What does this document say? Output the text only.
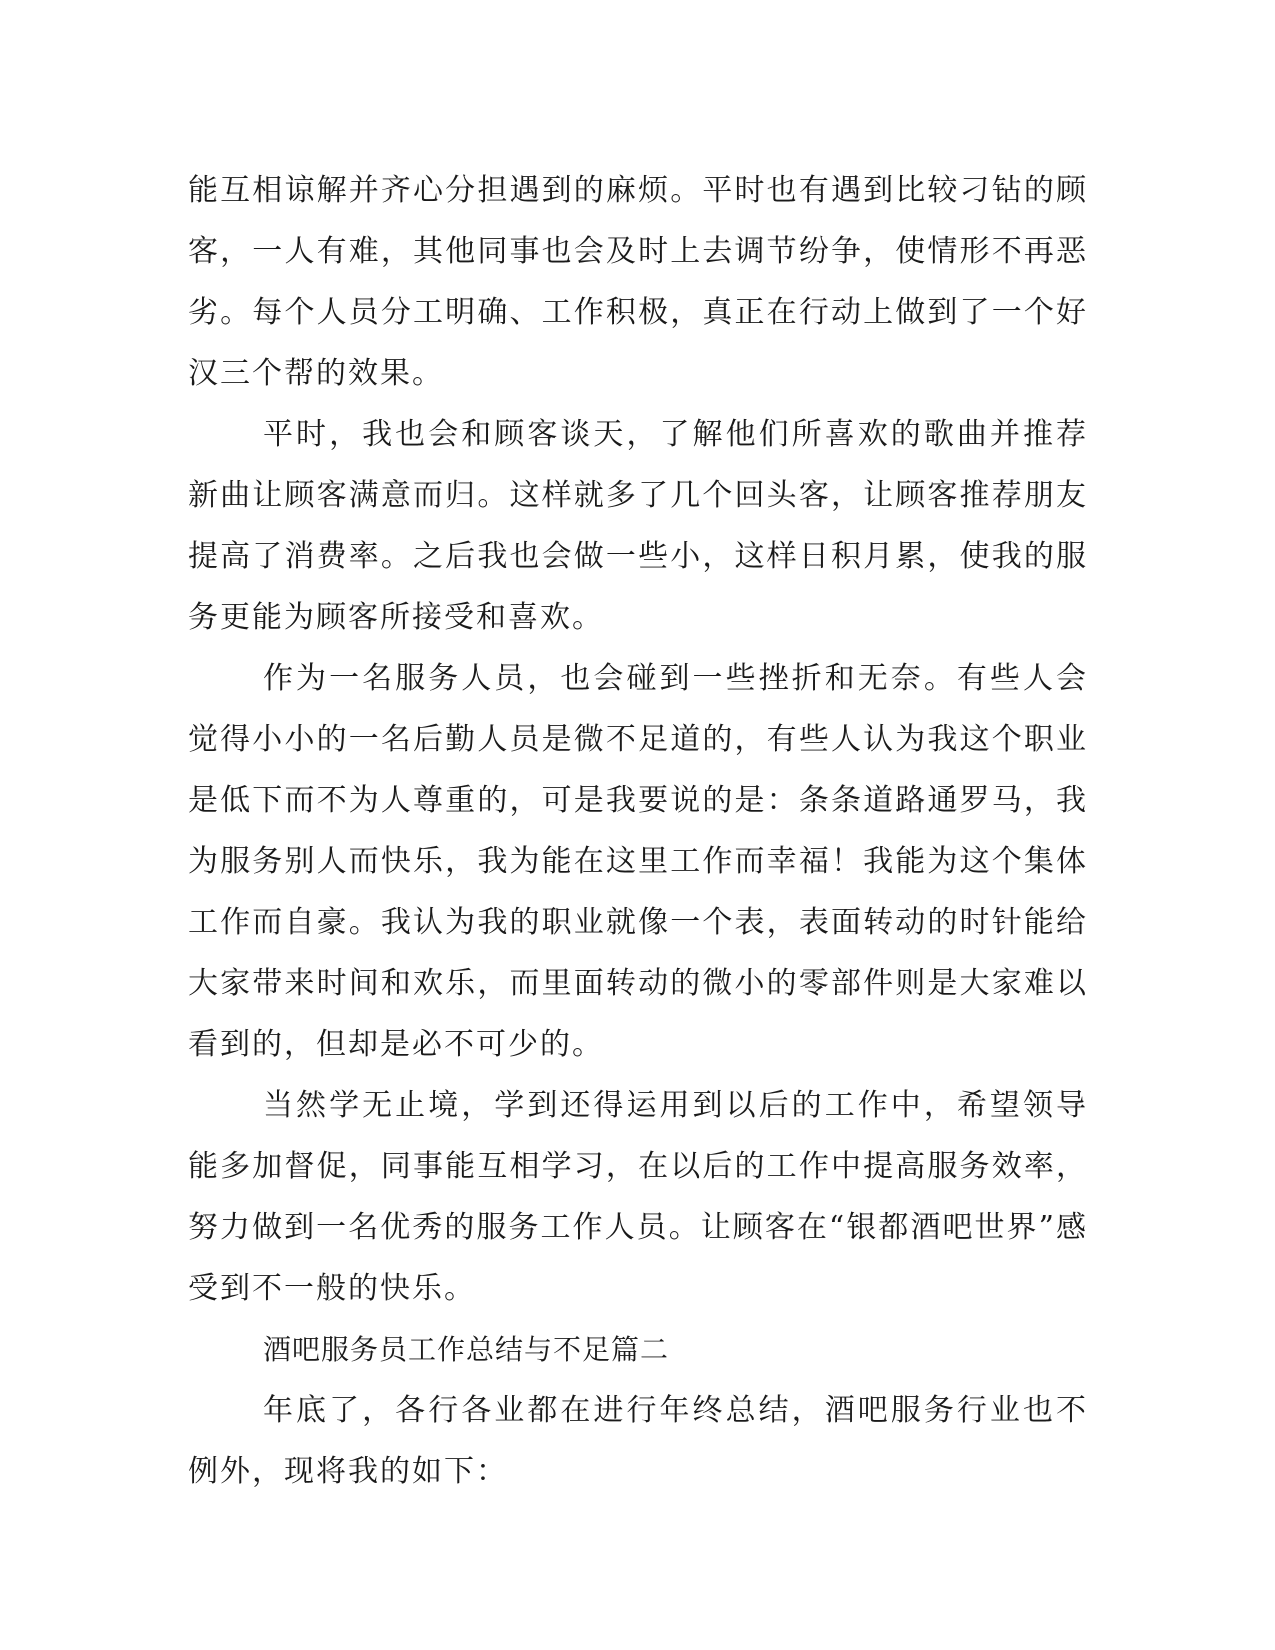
能互相谅解并齐心分担遇到的麻烦。平时也有遇到比较刁钻的顾客，一人有难，其他同事也会及时上去调节纷争，使情形不再恶劣。每个人员分工明确、工作积极，真正在行动上做到了一个好汉三个帮的效果。

平时，我也会和顾客谈天，了解他们所喜欢的歌曲并推荐新曲让顾客满意而归。这样就多了几个回头客，让顾客推荐朋友提高了消费率。之后我也会做一些小，这样日积月累，使我的服务更能为顾客所接受和喜欢。

作为一名服务人员，也会碰到一些挫折和无奈。有些人会觉得小小的一名后勤人员是微不足道的，有些人认为我这个职业是低下而不为人尊重的，可是我要说的是：条条道路通罗马，我为服务别人而快乐，我为能在这里工作而幸福！我能为这个集体工作而自豪。我认为我的职业就像一个表，表面转动的时针能给大家带来时间和欢乐，而里面转动的微小的零部件则是大家难以看到的，但却是必不可少的。

当然学无止境，学到还得运用到以后的工作中，希望领导能多加督促，同事能互相学习，在以后的工作中提高服务效率，努力做到一名优秀的服务工作人员。让顾客在“银都酒吧世界”感受到不一般的快乐。

酒吧服务员工作总结与不足篇二

年底了，各行各业都在进行年终总结，酒吧服务行业也不例外，现将我的如下：
